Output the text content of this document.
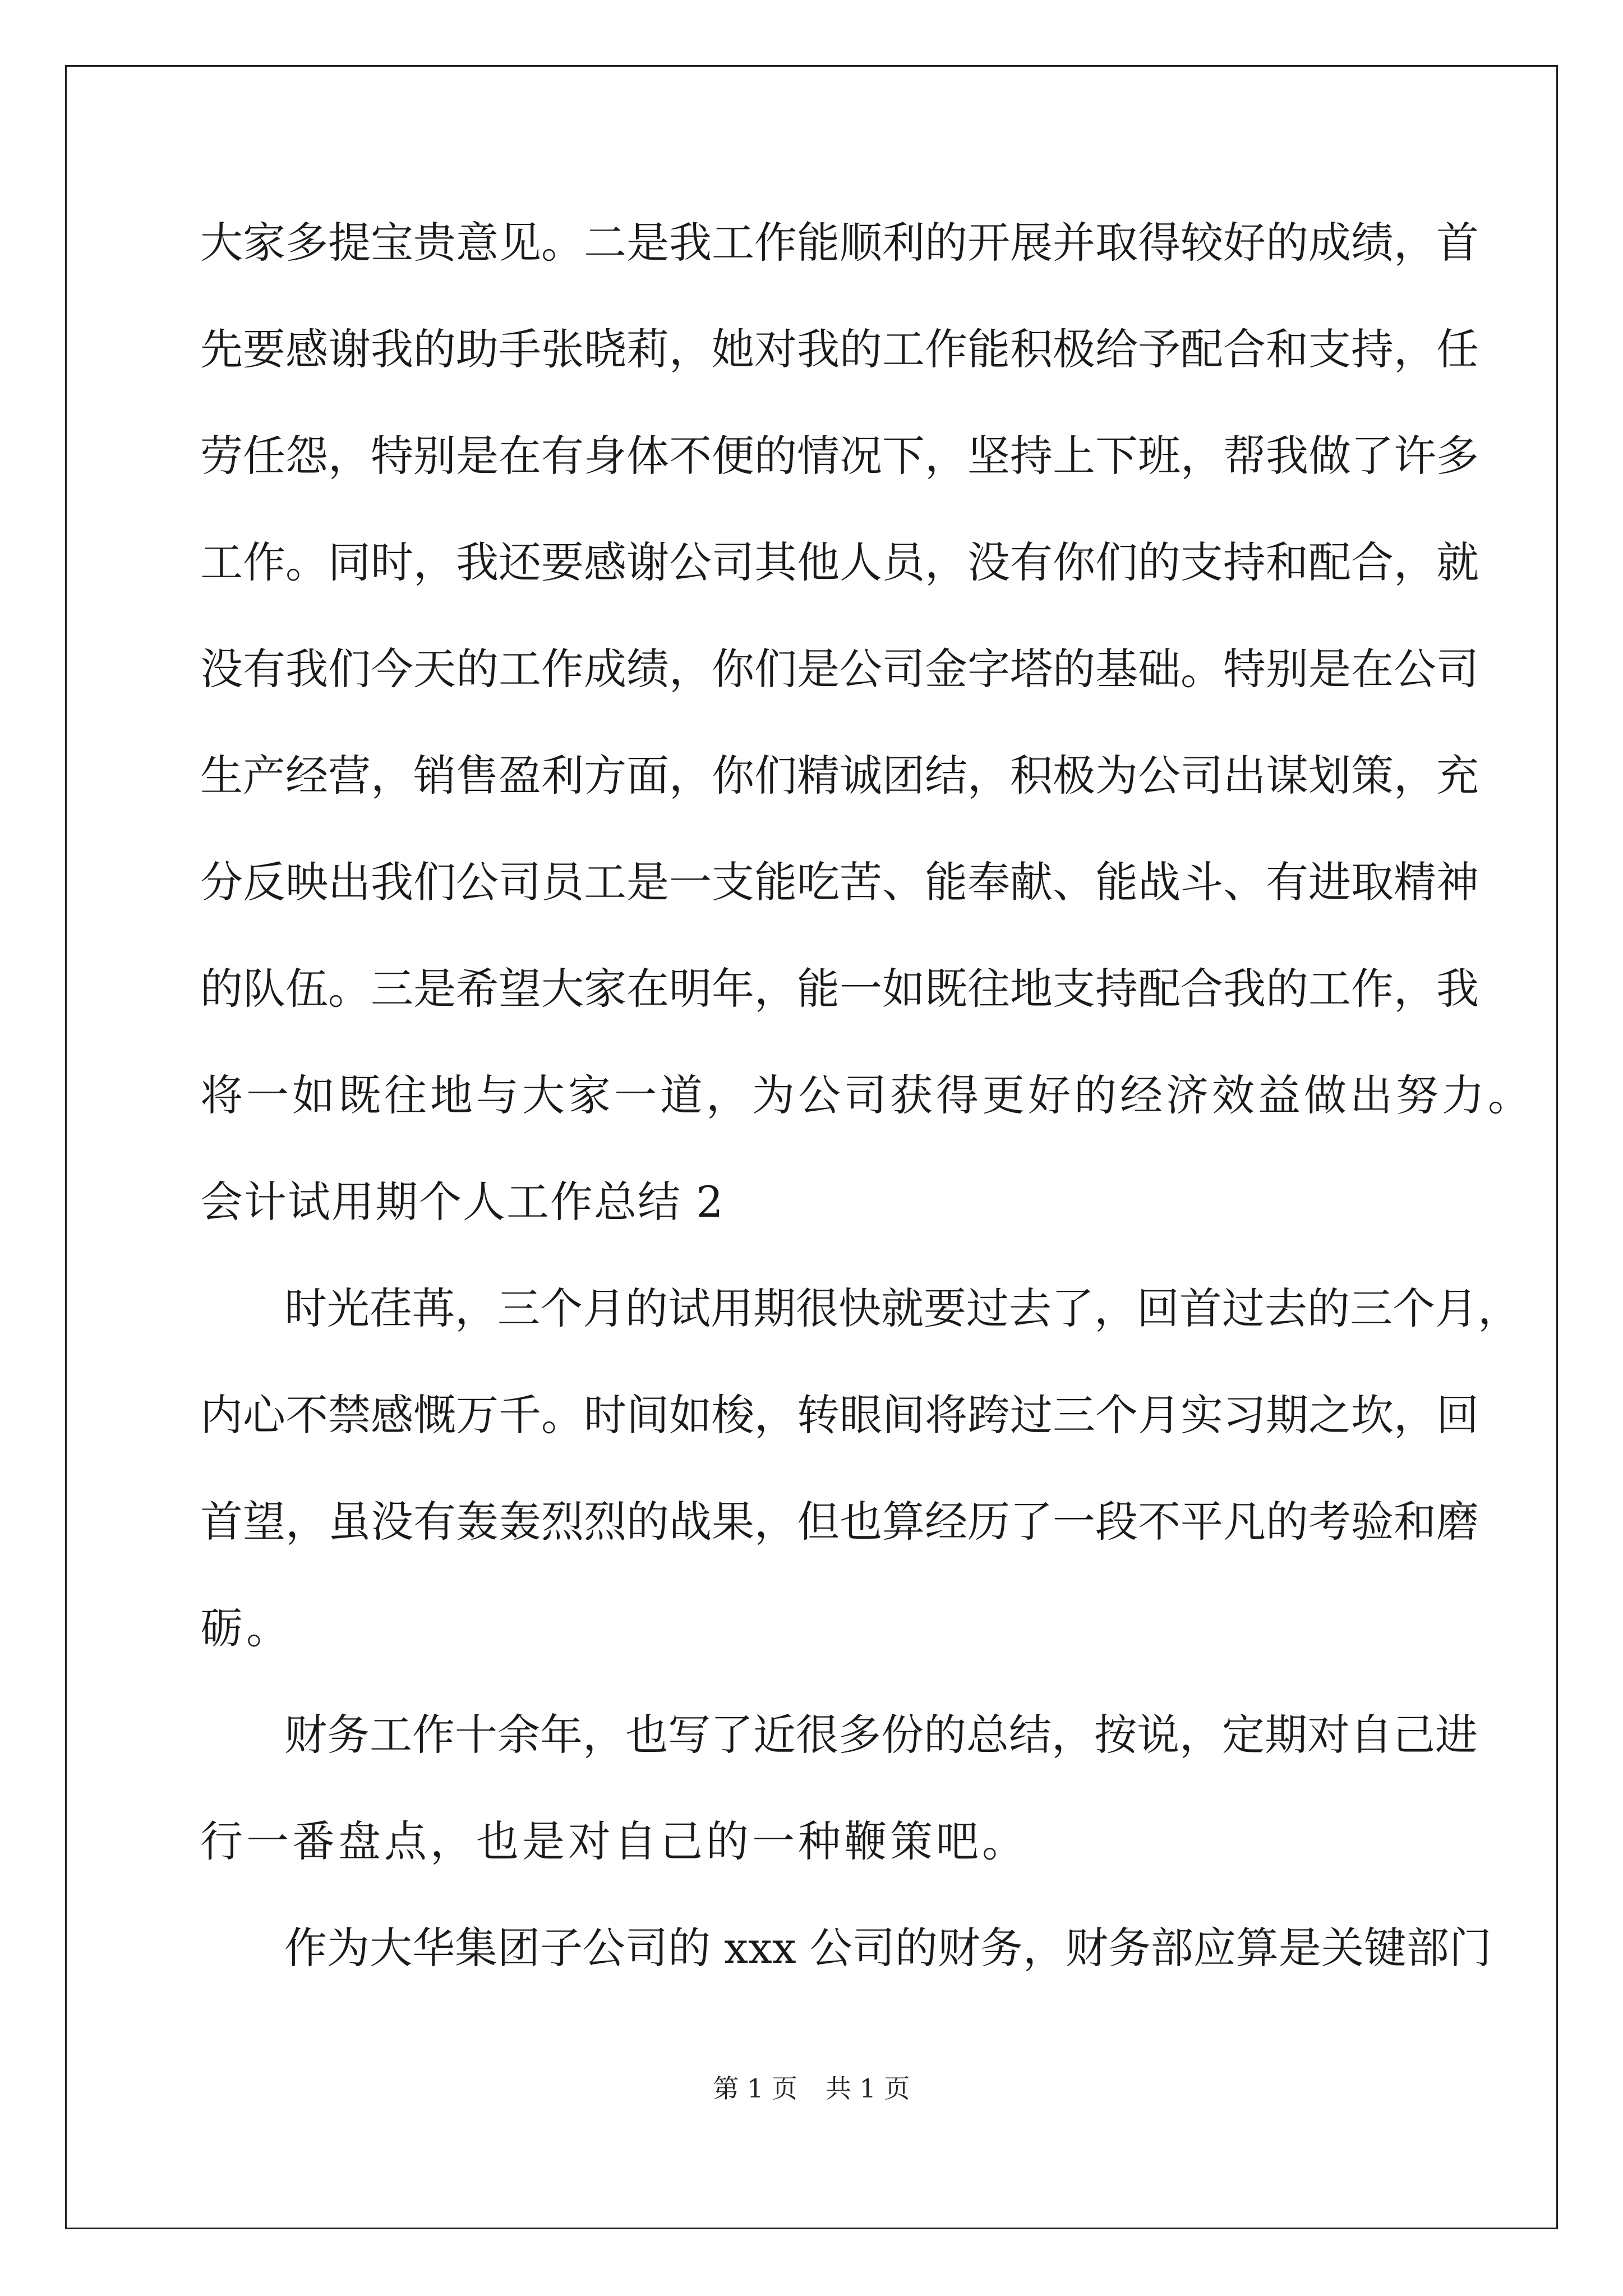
大家多提宝贵意见。二是我工作能顺利的开展并取得较好的成绩，首
先要感谢我的助手张晓莉，她对我的工作能积极给予配合和支持，任
劳任怨，特别是在有身体不便的情况下，坚持上下班，帮我做了许多
工作。同时，我还要感谢公司其他人员，没有你们的支持和配合，就
没有我们今天的工作成绩，你们是公司金字塔的基础。特别是在公司
生产经营，销售盈利方面，你们精诚团结，积极为公司出谋划策，充
分反映出我们公司员工是一支能吃苦、能奉献、能战斗、有进取精神
的队伍。三是希望大家在明年，能一如既往地支持配合我的工作，我
将一如既往地与大家一道，为公司获得更好的经济效益做出努力。
会计试用期个人工作总结 2
时光荏苒，三个月的试用期很快就要过去了，回首过去的三个月，
内心不禁感慨万千。时间如梭，转眼间将跨过三个月实习期之坎，回
首望，虽没有轰轰烈烈的战果，但也算经历了一段不平凡的考验和磨
砺。
财务工作十余年，也写了近很多份的总结，按说，定期对自己进
行一番盘点，也是对自己的一种鞭策吧。
作为大华集团子公司的 xxx 公司的财务，财务部应算是关键部门
第 1 页 共 1 页
